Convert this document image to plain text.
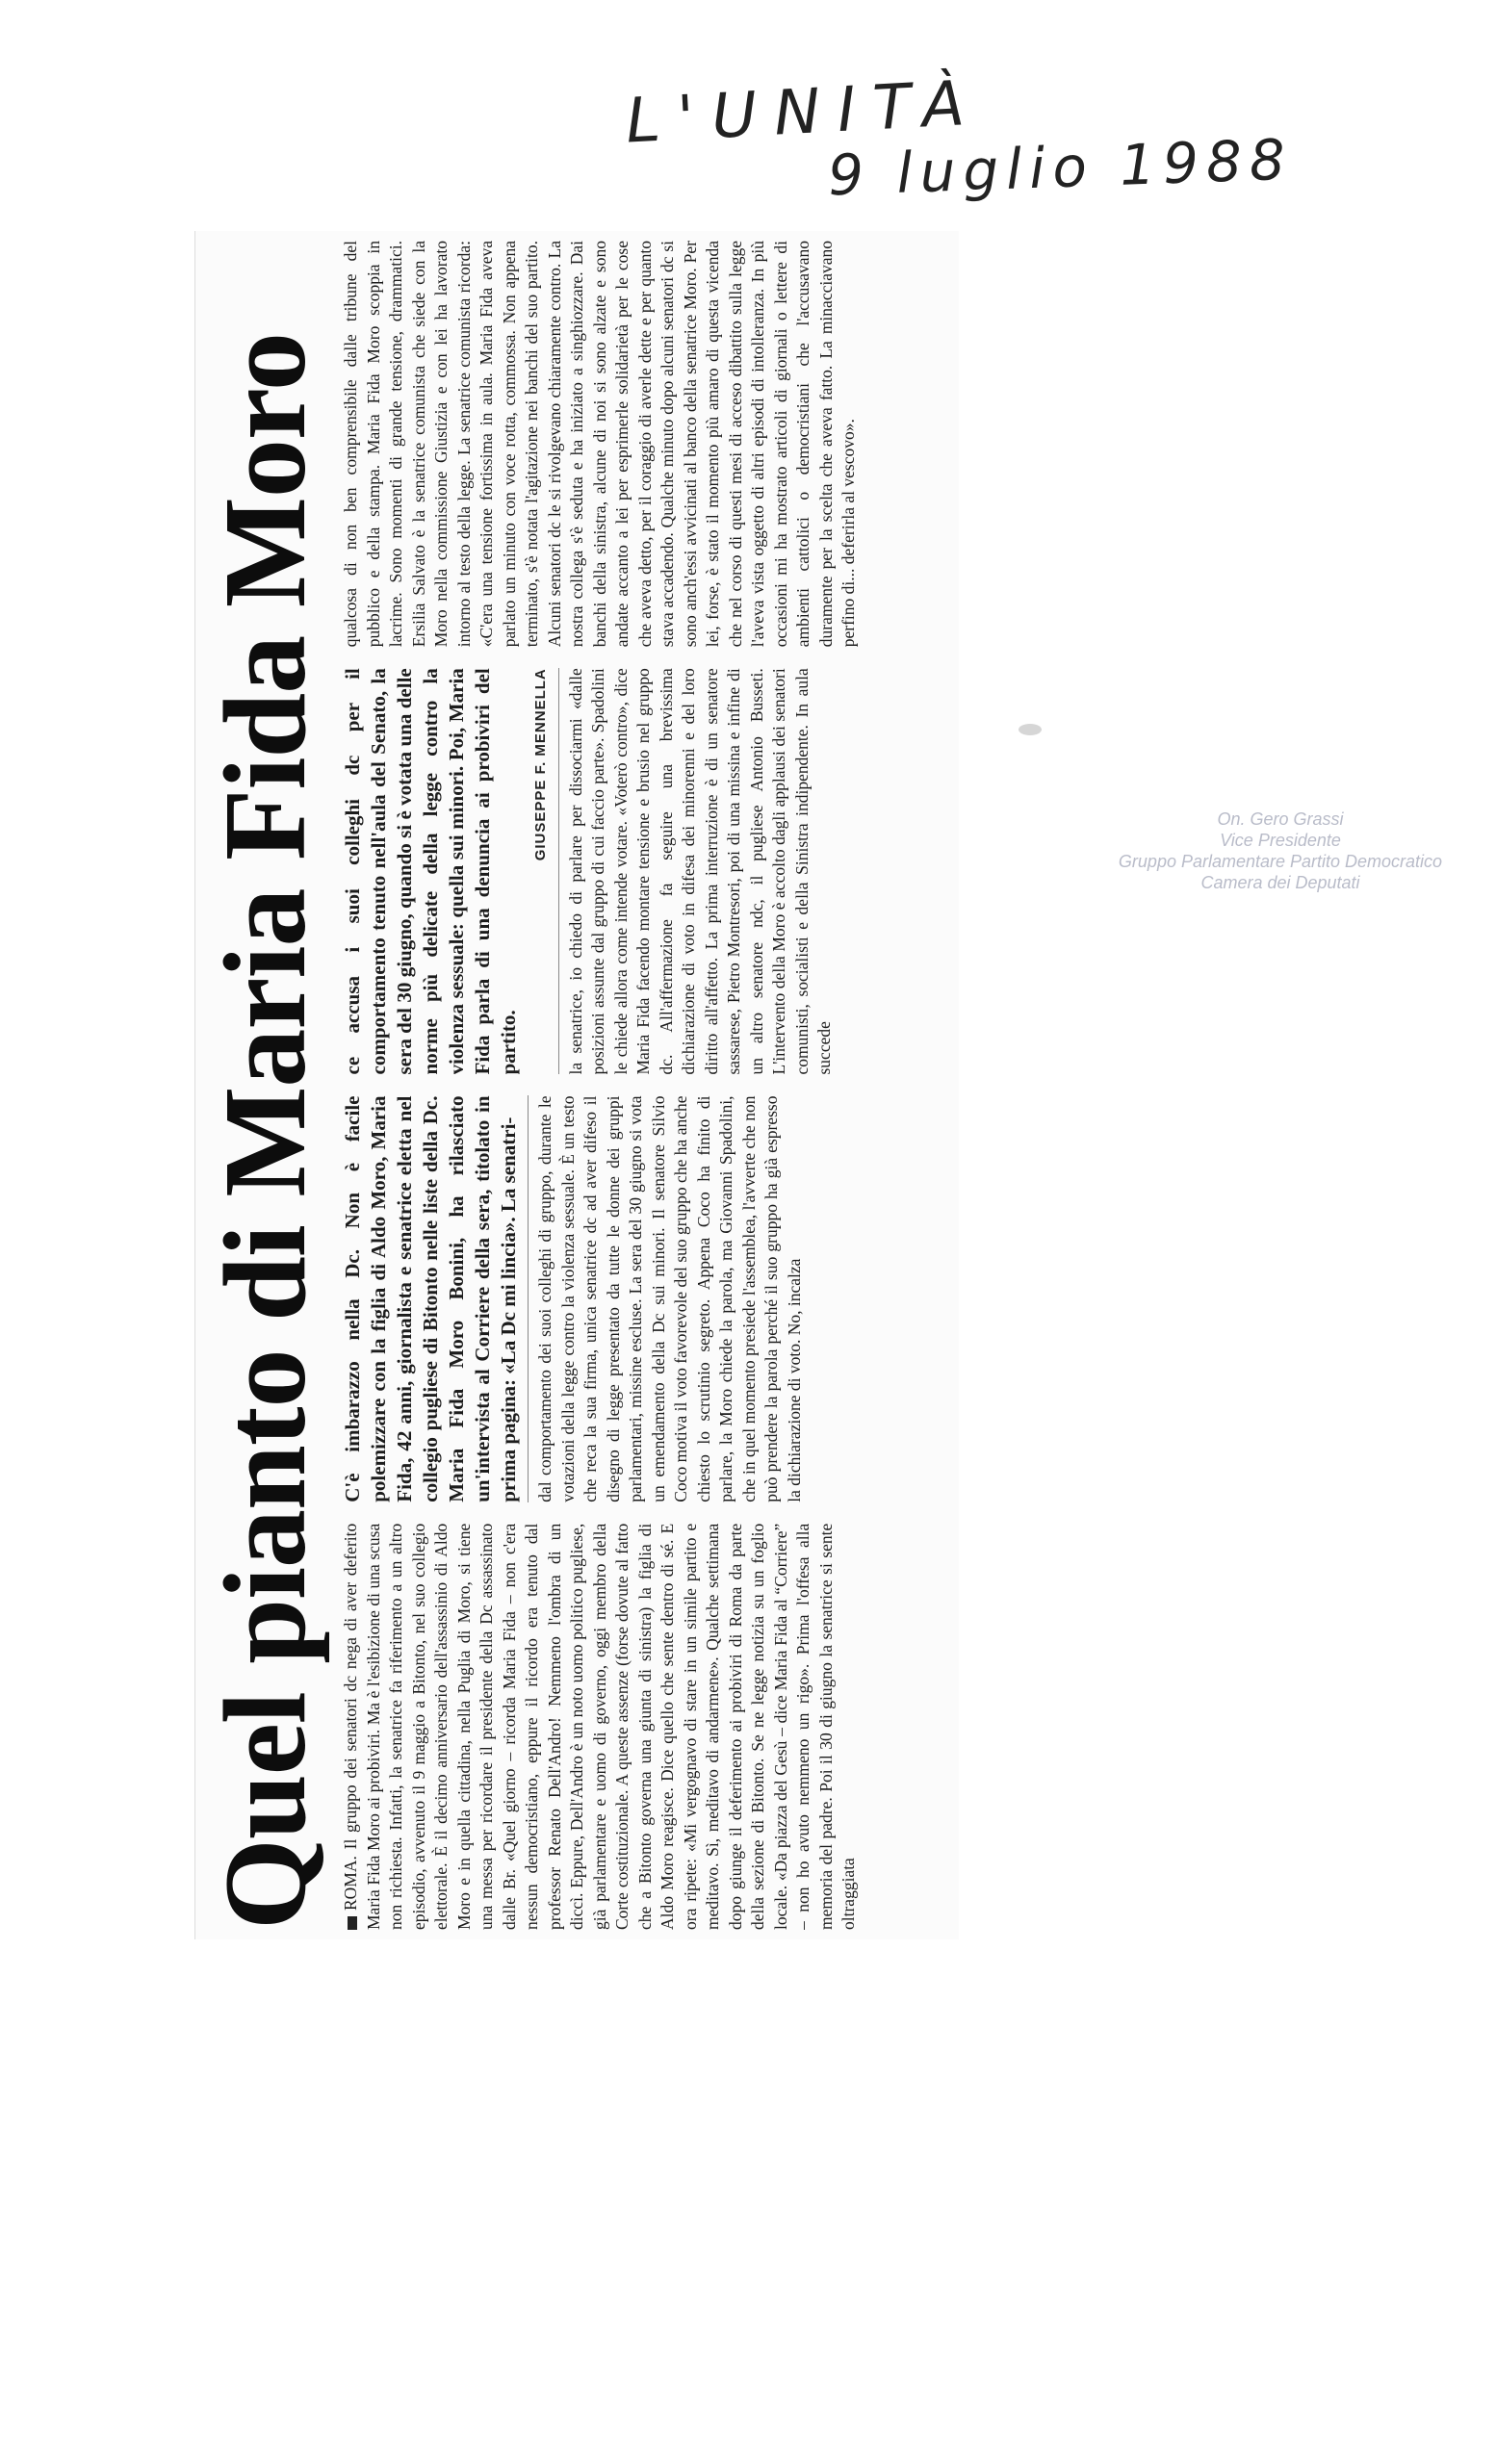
L'UNITÀ
9 luglio 1988
On. Gero Grassi
Vice Presidente
Gruppo Parlamentare Partito Democratico
Camera dei Deputati
Quel pianto di Maria Fida Moro ROMA. Il gruppo dei senatori dc nega di aver deferito Maria Fida Moro ai probiviri. Ma è l'esibizione di una scusa non richiesta. Infatti, la senatrice fa riferimento a un altro episodio, avvenuto il 9 maggio a Bitonto, nel suo collegio elettorale. È il decimo anniversario dell'assassinio di Aldo Moro e in quella cittadina, nella Puglia di Moro, si tiene una messa per ricordare il presidente della Dc assassinato dalle Br. «Quel giorno – ricorda Maria Fida – non c'era nessun democristiano, eppure il ricordo era tenuto dal professor Renato Dell'Andro! Nemmeno l'ombra di un diccì. Eppure, Dell'Andro è un noto uomo politico pugliese, già parlamentare e uomo di governo, oggi membro della Corte costituzionale. A queste assenze (forse dovute al fatto che a Bitonto governa una giunta di sinistra) la figlia di Aldo Moro reagisce. Dice quello che sente dentro di sé. E ora ripete: «Mi vergognavo di stare in un simile partito e meditavo. Sì, meditavo di andarmene». Qualche settimana dopo giunge il deferimento ai probiviri di Roma da parte della sezione di Bitonto. Se ne legge notizia su un foglio locale. «Da piazza del Gesù – dice Maria Fida al “Corriere” – non ho avuto nemmeno un rigo». Prima l'offesa alla memoria del padre. Poi il 30 di giugno la senatrice si sente oltraggiata

C'è imbarazzo nella Dc. Non è facile polemizzare con la figlia di Aldo Moro, Maria Fida, 42 anni, giornalista e senatrice eletta nel collegio pugliese di Bitonto nelle liste della Dc. Maria Fida Moro Bonini, ha rilasciato un'intervista al Corriere della sera, titolato in prima pagina: «La Dc mi lincia». La senatri- dal comportamento dei suoi colleghi di gruppo, durante le votazioni della legge contro la violenza sessuale. È un testo che reca la sua firma, unica senatrice dc ad aver difeso il disegno di legge presentato da tutte le donne dei gruppi parlamentari, missine escluse. La sera del 30 giugno si vota un emendamento della Dc sui minori. Il senatore Silvio Coco motiva il voto favorevole del suo gruppo che ha anche chiesto lo scrutinio segreto. Appena Coco ha finito di parlare, la Moro chiede la parola, ma Giovanni Spadolini, che in quel momento presiede l'assemblea, l'avverte che non può prendere la parola perché il suo gruppo ha già espresso la dichiarazione di voto. No, incalza

ce accusa i suoi colleghi dc per il comportamento tenuto nell'aula del Senato, la sera del 30 giugno, quando si è votata una delle norme più delicate della legge contro la violenza sessuale: quella sui minori. Poi, Maria Fida parla di una denuncia ai probiviri del partito.

GIUSEPPE F. MENNELLA la senatrice, io chiedo di parlare per dissociarmi «dalle posizioni assunte dal gruppo di cui faccio parte». Spadolini le chiede allora come intende votare. «Voterò contro», dice Maria Fida facendo montare tensione e brusio nel gruppo dc. All'affermazione fa seguire una brevissima dichiarazione di voto in difesa dei minorenni e del loro diritto all'affetto. La prima interruzione è di un senatore sassarese, Pietro Montresori, poi di una missina e infine di un altro senatore ndc, il pugliese Antonio Busseti. L'intervento della Moro è accolto dagli applausi dei senatori comunisti, socialisti e della Sinistra indipendente. In aula succede

qualcosa di non ben comprensibile dalle tribune del pubblico e della stampa. Maria Fida Moro scoppia in lacrime. Sono momenti di grande tensione, drammatici. Ersilia Salvato è la senatrice comunista che siede con la Moro nella commissione Giustizia e con lei ha lavorato intorno al testo della legge. La senatrice comunista ricorda: «C'era una tensione fortissima in aula. Maria Fida aveva parlato un minuto con voce rotta, commossa. Non appena terminato, s'è notata l'agitazione nei banchi del suo partito. Alcuni senatori dc le si rivolgevano chiaramente contro. La nostra collega s'è seduta e ha iniziato a singhiozzare. Dai banchi della sinistra, alcune di noi si sono alzate e sono andate accanto a lei per esprimerle solidarietà per le cose che aveva detto, per il coraggio di averle dette e per quanto stava accadendo. Qualche minuto dopo alcuni senatori dc si sono anch'essi avvicinati al banco della senatrice Moro. Per lei, forse, è stato il momento più amaro di questa vicenda che nel corso di questi mesi di acceso dibattito sulla legge l'aveva vista oggetto di altri episodi di intolleranza. In più occasioni mi ha mostrato articoli di giornali o lettere di ambienti cattolici o democristiani che l'accusavano duramente per la scelta che aveva fatto. La minacciavano perfino di... deferirla al vescovo».
